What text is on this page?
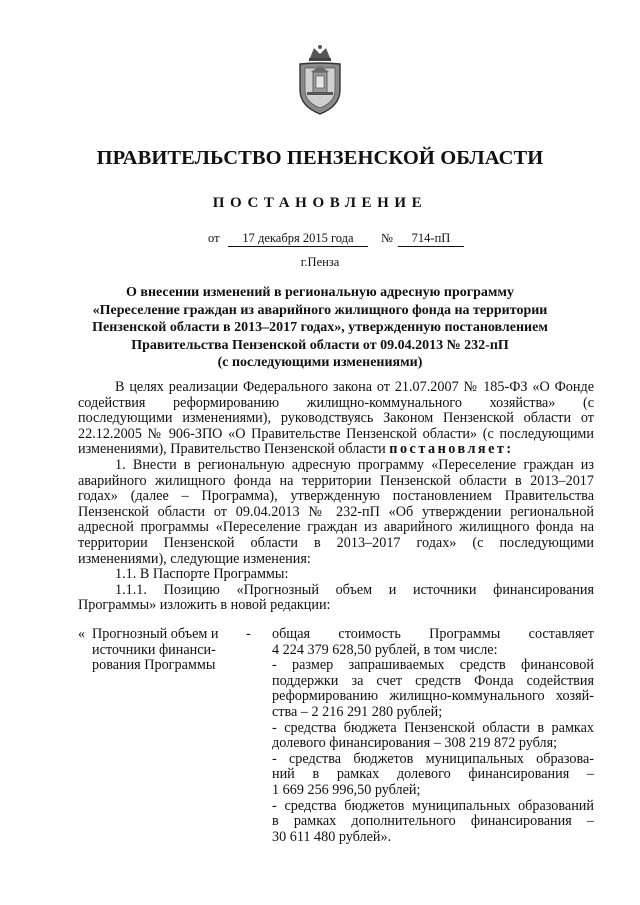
ПРАВИТЕЛЬСТВО ПЕНЗЕНСКОЙ ОБЛАСТИ
ПОСТАНОВЛЕНИЕ
от	17 декабря 2015 года	№	714-пП
г.Пенза
О внесении изменений в региональную адресную программу
«Переселение граждан из аварийного жилищного фонда на территории
Пензенской области в 2013–2017 годах», утвержденную постановлением
Правительства Пензенской области от 09.04.2013 № 232-пП
(с последующими изменениями)

В целях реализации Федерального закона от 21.07.2007 № 185-ФЗ «О Фонде содействия реформированию жилищно-коммунального хозяйства» (с последующими изменениями), руководствуясь Законом Пензенской области от 22.12.2005 № 906-ЗПО «О Правительстве Пензенской области» (с последующими изменениями), Правительство Пензенской области постановляет:

1. Внести в региональную адресную программу «Переселение граждан из аварийного жилищного фонда на территории Пензенской области в 2013–2017 годах» (далее – Программа), утвержденную постановлением Правительства Пензенской области от 09.04.2013 № 232-пП «Об утверждении региональной адресной программы «Переселение граждан из аварийного жилищного фонда на территории Пензенской области в 2013–2017 годах» (с последующими изменениями), следующие изменения:

1.1. В Паспорте Программы:

1.1.1. Позицию «Прогнозный объем и источники финансирования Программы» изложить в новой редакции:

« Прогнозный объем и
источники финанси-
рования Программы
- общая стоимость Программы составляет
4 224 379 628,50 рублей, в том числе:
- размер запрашиваемых средств финансовой
поддержки за счет средств Фонда содействия
реформированию жилищно-коммунального хозяй-
ства – 2 216 291 280 рублей;
- средства бюджета Пензенской области в рамках
долевого финансирования – 308 219 872 рубля;
- средства бюджетов муниципальных образова-
ний в рамках долевого финансирования –
1 669 256 996,50 рублей;
- средства бюджетов муниципальных образований
в рамках дополнительного финансирования –
30 611 480 рублей».
